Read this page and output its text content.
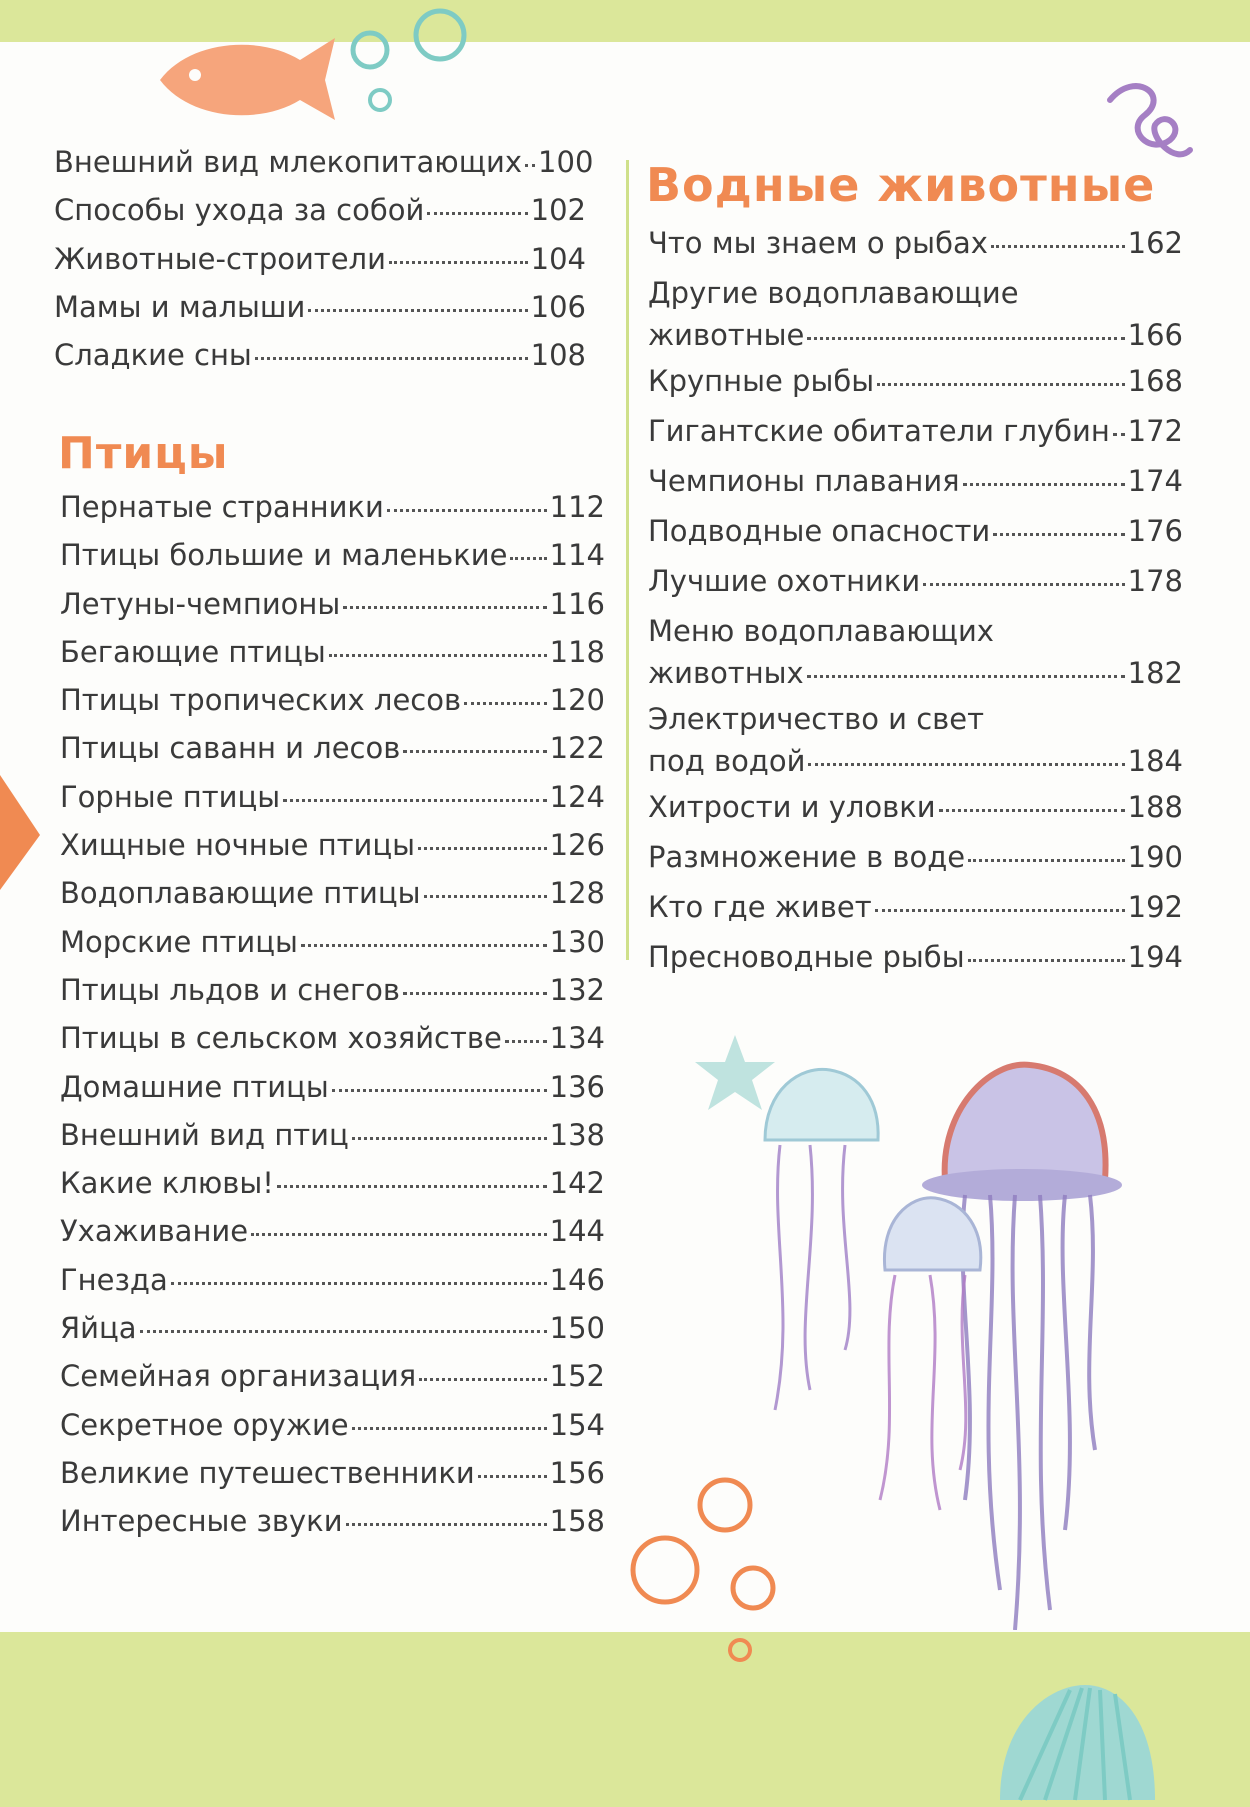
Внешний вид млекопитающих 100
Способы ухода за собой	102
Животные-строители	104
Мамы и малыши	106
Сладкие сны	108
Птицы
Пернатые странники	112
Птицы большие и маленькие 114
Летуны-чемпионы	116
Бегающие птицы	118
Птицы тропических лесов	120
Птицы саванн и лесов	122
Горные птицы	124
Хищные ночные птицы	126
Водоплавающие птицы	128
Морские птицы	130
Птицы льдов и снегов	132
Птицы в сельском хозяйстве 134
Домашние птицы	136
Внешний вид птиц	138
Какие клювы!	142
Ухаживание	144
Гнезда	146
Яйца	150
Семейная организация	152
Секретное оружие	154
Великие путешественники	156
Интересные звуки	158
Водные животные
Что мы знаем о рыбах	162
Другие водоплавающие
животные	166
Крупные рыбы	168
Гигантские обитатели глубин 172
Чемпионы плавания	174
Подводные опасности	176
Лучшие охотники	178
Меню водоплавающих
животных	182
Электричество и свет
под водой	184
Хитрости и уловки	188
Размножение в воде	190
Кто где живет	192
Пресноводные рыбы	194
